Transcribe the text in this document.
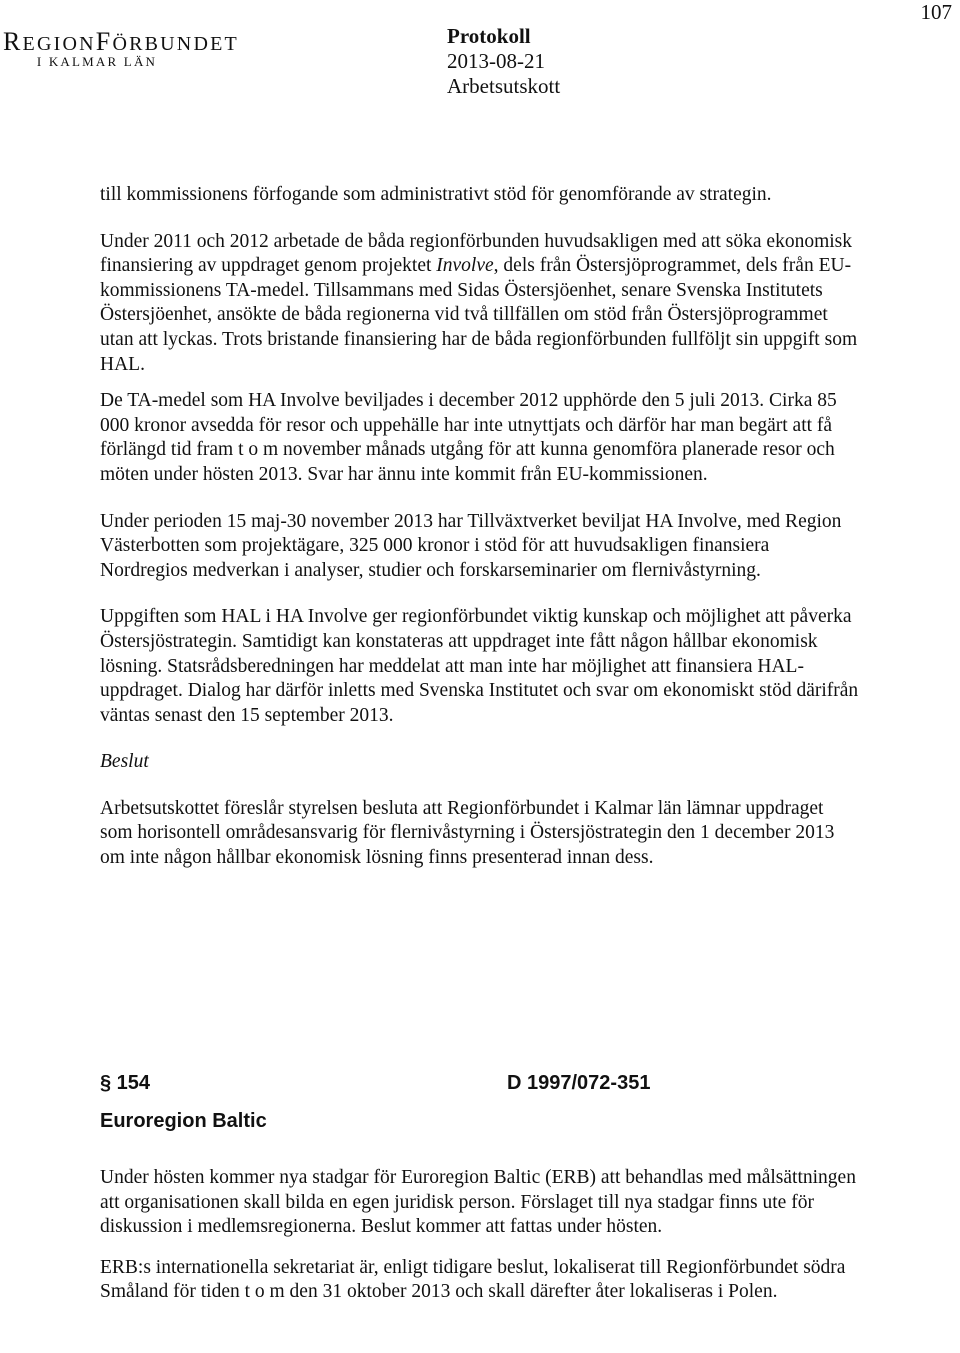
107
REGIONFÖRBUNDET
I KALMAR LÄN
Protokoll
2013-08-21
Arbetsutskott

till kommissionens förfogande som administrativt stöd för genomförande av strategin.

Under 2011 och 2012 arbetade de båda regionförbunden huvudsakligen med att söka ekonomisk finansiering av uppdraget genom projektet Involve, dels från Östersjöprogrammet, dels från EU-kommissionens TA-medel. Tillsammans med Sidas Östersjöenhet, senare Svenska Institutets Östersjöenhet, ansökte de båda regionerna vid två tillfällen om stöd från Östersjöprogrammet utan att lyckas. Trots bristande finansiering har de båda regionförbunden fullföljt sin uppgift som HAL.

De TA-medel som HA Involve beviljades i december 2012 upphörde den 5 juli 2013. Cirka 85 000 kronor avsedda för resor och uppehälle har inte utnyttjats och därför har man begärt att få förlängd tid fram t o m november månads utgång för att kunna genomföra planerade resor och möten under hösten 2013. Svar har ännu inte kommit från EU-kommissionen.

Under perioden 15 maj-30 november 2013 har Tillväxtverket beviljat HA Involve, med Region Västerbotten som projektägare, 325 000 kronor i stöd för att huvudsakligen finansiera Nordregios medverkan i analyser, studier och forskarseminarier om flernivåstyrning.

Uppgiften som HAL i HA Involve ger regionförbundet viktig kunskap och möjlighet att påverka Östersjöstrategin. Samtidigt kan konstateras att uppdraget inte fått någon hållbar ekonomisk lösning. Statsrådsberedningen har meddelat att man inte har möjlighet att finansiera HAL-uppdraget. Dialog har därför inletts med Svenska Institutet och svar om ekonomiskt stöd därifrån väntas senast den 15 september 2013.

Beslut

Arbetsutskottet föreslår styrelsen besluta att Regionförbundet i Kalmar län lämnar uppdraget som horisontell områdesansvarig för flernivåstyrning i Östersjöstrategin den 1 december 2013 om inte någon hållbar ekonomisk lösning finns presenterad innan dess.

§ 154	D 1997/072-351
Euroregion Baltic

Under hösten kommer nya stadgar för Euroregion Baltic (ERB) att behandlas med målsättningen att organisationen skall bilda en egen juridisk person. Förslaget till nya stadgar finns ute för diskussion i medlemsregionerna. Beslut kommer att fattas under hösten.

ERB:s internationella sekretariat är, enligt tidigare beslut, lokaliserat till Regionförbundet södra Småland för tiden t o m den 31 oktober 2013 och skall därefter åter lokaliseras i Polen.
